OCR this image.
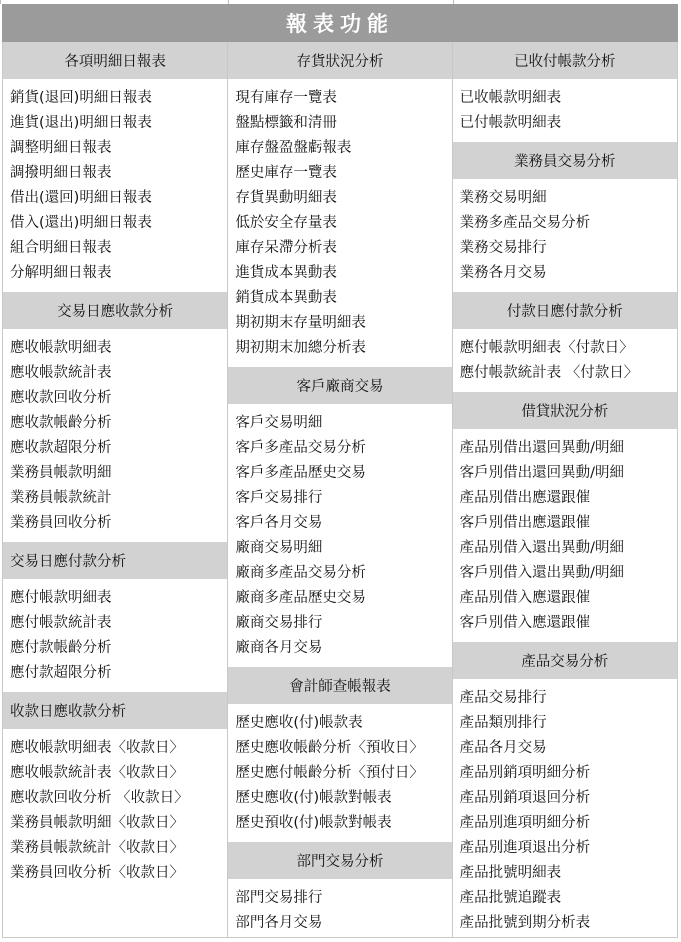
報表功能
各項明細日報表
銷貨(退回)明細日報表
進貨(退出)明細日報表
調整明細日報表
調撥明細日報表
借出(還回)明細日報表
借入(還出)明細日報表
組合明細日報表
分解明細日報表
交易日應收款分析
應收帳款明細表
應收帳款統計表
應收款回收分析
應收款帳齡分析
應收款超限分析
業務員帳款明細
業務員帳款統計
業務員回收分析
交易日應付款分析
應付帳款明細表
應付帳款統計表
應付款帳齡分析
應付款超限分析
收款日應收款分析
應收帳款明細表〈收款日〉
應收帳款統計表〈收款日〉
應收款回收分析 〈收款日〉
業務員帳款明細〈收款日〉
業務員帳款統計〈收款日〉
業務員回收分析〈收款日〉
存貨狀況分析
現有庫存一覽表
盤點標籤和清冊
庫存盤盈盤虧報表
歷史庫存一覽表
存貨異動明細表
低於安全存量表
庫存呆滯分析表
進貨成本異動表
銷貨成本異動表
期初期末存量明細表
期初期末加總分析表
客戶廠商交易
客戶交易明細
客戶多產品交易分析
客戶多產品歷史交易
客戶交易排行
客戶各月交易
廠商交易明細
廠商多產品交易分析
廠商多產品歷史交易
廠商交易排行
廠商各月交易
會計師查帳報表
歷史應收(付)帳款表
歷史應收帳齡分析〈預收日〉
歷史應付帳齡分析〈預付日〉
歷史應收(付)帳款對帳表
歷史預收(付)帳款對帳表
部門交易分析
部門交易排行
部門各月交易
已收付帳款分析
已收帳款明細表
已付帳款明細表
業務員交易分析
業務交易明細
業務多產品交易分析
業務交易排行
業務各月交易
付款日應付款分析
應付帳款明細表〈付款日〉
應付帳款統計表 〈付款日〉
借貸狀況分析
產品別借出還回異動/明細
客戶別借出還回異動/明細
產品別借出應還跟催
客戶別借出應還跟催
產品別借入還出異動/明細
客戶別借入還出異動/明細
產品別借入應還跟催
客戶別借入應還跟催
產品交易分析
產品交易排行
產品類別排行
產品各月交易
產品別銷項明細分析
產品別銷項退回分析
產品別進項明細分析
產品別進項退出分析
產品批號明細表
產品批號追蹤表
產品批號到期分析表
